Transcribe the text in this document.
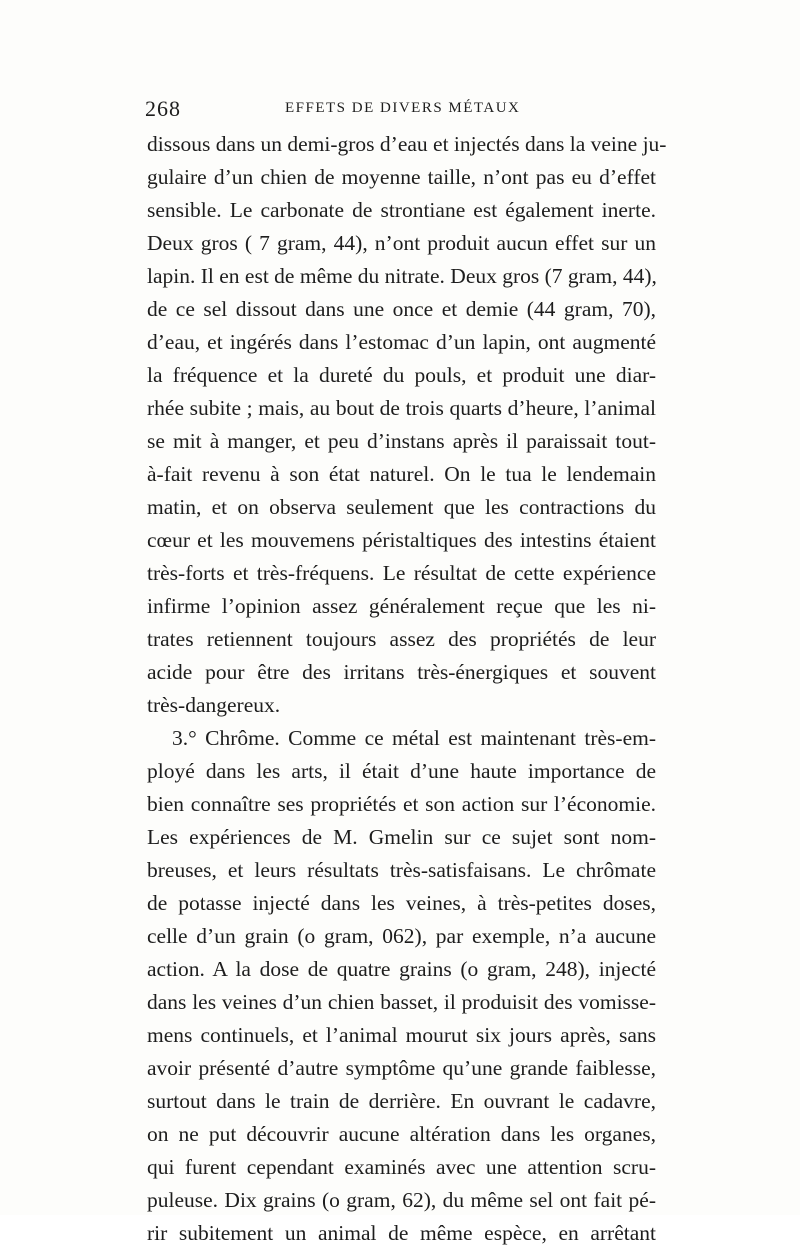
268	EFFETS DE DIVERS MÉTAUX
dissous dans un demi-gros d’eau et injectés dans la veine ju-
gulaire d’un chien de moyenne taille, n’ont pas eu d’effet
sensible. Le carbonate de strontiane est également inerte.
Deux gros ( 7 gram, 44), n’ont produit aucun effet sur un
lapin. Il en est de même du nitrate. Deux gros (7 gram, 44),
de ce sel dissout dans une once et demie (44 gram, 70),
d’eau, et ingérés dans l’estomac d’un lapin, ont augmenté
la fréquence et la dureté du pouls, et produit une diar-
rhée subite ; mais, au bout de trois quarts d’heure, l’animal
se mit à manger, et peu d’instans après il paraissait tout-
à-fait revenu à son état naturel. On le tua le lendemain
matin, et on observa seulement que les contractions du
cœur et les mouvemens péristaltiques des intestins étaient
très-forts et très-fréquens. Le résultat de cette expérience
infirme l’opinion assez généralement reçue que les ni-
trates retiennent toujours assez des propriétés de leur
acide pour être des irritans très-énergiques et souvent
très-dangereux.
3.° Chrôme. Comme ce métal est maintenant très-em-
ployé dans les arts, il était d’une haute importance de
bien connaître ses propriétés et son action sur l’économie.
Les expériences de M. Gmelin sur ce sujet sont nom-
breuses, et leurs résultats très-satisfaisans. Le chrômate
de potasse injecté dans les veines, à très-petites doses,
celle d’un grain (o gram, 062), par exemple, n’a aucune
action. A la dose de quatre grains (o gram, 248), injecté
dans les veines d’un chien basset, il produisit des vomisse-
mens continuels, et l’animal mourut six jours après, sans
avoir présenté d’autre symptôme qu’une grande faiblesse,
surtout dans le train de derrière. En ouvrant le cadavre,
on ne put découvrir aucune altération dans les organes,
qui furent cependant examinés avec une attention scru-
puleuse. Dix grains (o gram, 62), du même sel ont fait pé-
rir subitement un animal de même espèce, en arrêtant
